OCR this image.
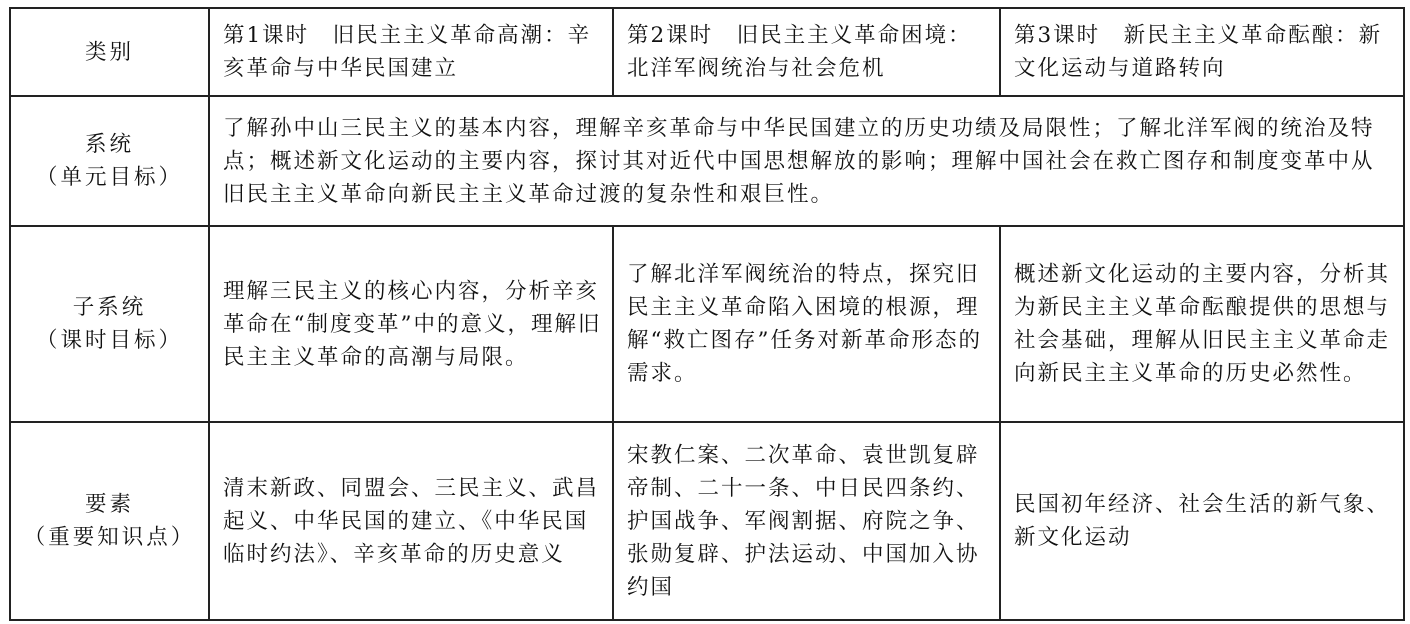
类别	第1课时　旧民主主义革命高潮：辛亥革命与中华民国建立	第2课时　旧民主主义革命困境：北洋军阀统治与社会危机	第3课时　新民主主义革命酝酿：新文化运动与道路转向

系统
（单元目标）	了解孙中山三民主义的基本内容，理解辛亥革命与中华民国建立的历史功绩及局限性；了解北洋军阀的统治及特点；概述新文化运动的主要内容，探讨其对近代中国思想解放的影响；理解中国社会在救亡图存和制度变革中从旧民主主义革命向新民主主义革命过渡的复杂性和艰巨性。		

子系统
（课时目标）	理解三民主义的核心内容，分析辛亥革命在“制度变革”中的意义，理解旧民主主义革命的高潮与局限。	了解北洋军阀统治的特点，探究旧民主主义革命陷入困境的根源，理解“救亡图存”任务对新革命形态的需求。	概述新文化运动的主要内容，分析其为新民主主义革命酝酿提供的思想与社会基础，理解从旧民主主义革命走向新民主主义革命的历史必然性。

要素
（重要知识点）	清末新政、同盟会、三民主义、武昌起义、中华民国的建立、《中华民国临时约法》、辛亥革命的历史意义	宋教仁案、二次革命、袁世凯复辟帝制、二十一条、中日民四条约、护国战争、军阀割据、府院之争、张勋复辟、护法运动、中国加入协约国	民国初年经济、社会生活的新气象、新文化运动
